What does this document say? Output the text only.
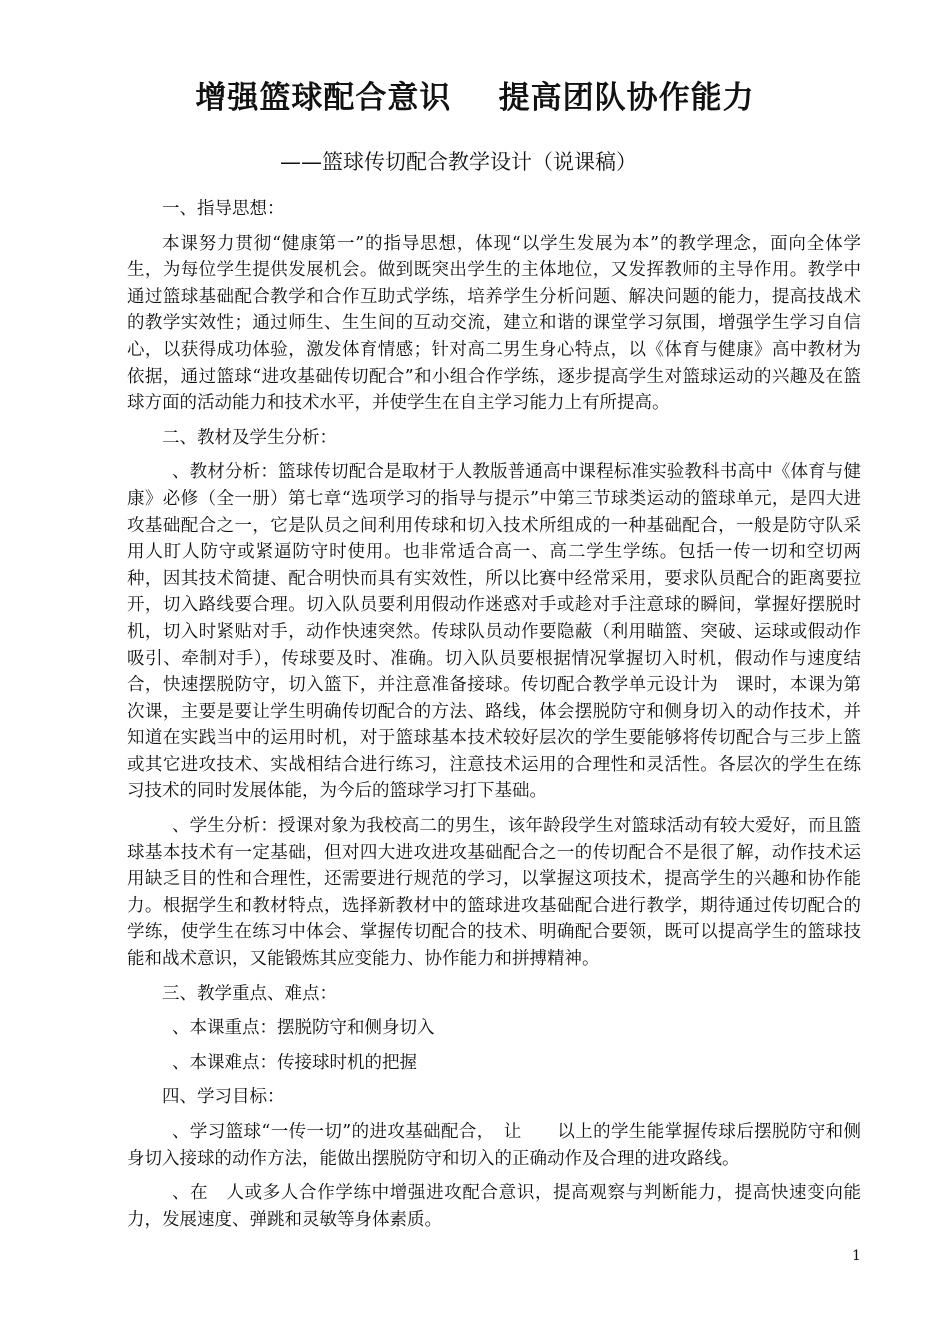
增强篮球配合意识    提高团队协作能力
——篮球传切配合教学设计（说课稿）

一、指导思想：

本课努力贯彻“健康第一”的指导思想，体现“以学生发展为本”的教学理念，面向全体学生，为每位学生提供发展机会。做到既突出学生的主体地位，又发挥教师的主导作用。教学中通过篮球基础配合教学和合作互助式学练，培养学生分析问题、解决问题的能力，提高技战术的教学实效性；通过师生、生生间的互动交流，建立和谐的课堂学习氛围，增强学生学习自信心，以获得成功体验，激发体育情感；针对高二男生身心特点，以《体育与健康》高中教材为依据，通过篮球“进攻基础传切配合”和小组合作学练，逐步提高学生对篮球运动的兴趣及在篮球方面的活动能力和技术水平，并使学生在自主学习能力上有所提高。

二、教材及学生分析：

、教材分析：篮球传切配合是取材于人教版普通高中课程标准实验教科书高中《体育与健康》必修（全一册）第七章“选项学习的指导与提示”中第三节球类运动的篮球单元，是四大进攻基础配合之一，它是队员之间利用传球和切入技术所组成的一种基础配合，一般是防守队采用人盯人防守或紧逼防守时使用。也非常适合高一、高二学生学练。包括一传一切和空切两种，因其技术简捷、配合明快而具有实效性，所以比赛中经常采用，要求队员配合的距离要拉开，切入路线要合理。切入队员要利用假动作迷惑对手或趁对手注意球的瞬间，掌握好摆脱时机，切入时紧贴对手，动作快速突然。传球队员动作要隐蔽（利用瞄篮、突破、运球或假动作吸引、牵制对手），传球要及时、准确。切入队员要根据情况掌握切入时机，假动作与速度结合，快速摆脱防守，切入篮下，并注意准备接球。传切配合教学单元设计为　课时，本课为第　次课，主要是要让学生明确传切配合的方法、路线，体会摆脱防守和侧身切入的动作技术，并知道在实践当中的运用时机，对于篮球基本技术较好层次的学生要能够将传切配合与三步上篮或其它进攻技术、实战相结合进行练习，注意技术运用的合理性和灵活性。各层次的学生在练习技术的同时发展体能，为今后的篮球学习打下基础。

、学生分析：授课对象为我校高二的男生，该年龄段学生对篮球活动有较大爱好，而且篮球基本技术有一定基础，但对四大进攻进攻基础配合之一的传切配合不是很了解，动作技术运用缺乏目的性和合理性，还需要进行规范的学习，以掌握这项技术，提高学生的兴趣和协作能力。根据学生和教材特点，选择新教材中的篮球进攻基础配合进行教学，期待通过传切配合的学练，使学生在练习中体会、掌握传切配合的技术、明确配合要领，既可以提高学生的篮球技能和战术意识，又能锻炼其应变能力、协作能力和拼搏精神。

三、教学重点、难点：

、本课重点：摆脱防守和侧身切入

、本课难点：传接球时机的把握

四、学习目标：

、学习篮球“一传一切”的进攻基础配合，　让　　以上的学生能掌握传球后摆脱防守和侧身切入接球的动作方法，能做出摆脱防守和切入的正确动作及合理的进攻路线。

、在　人或多人合作学练中增强进攻配合意识，提高观察与判断能力，提高快速变向能力，发展速度、弹跳和灵敏等身体素质。

1
